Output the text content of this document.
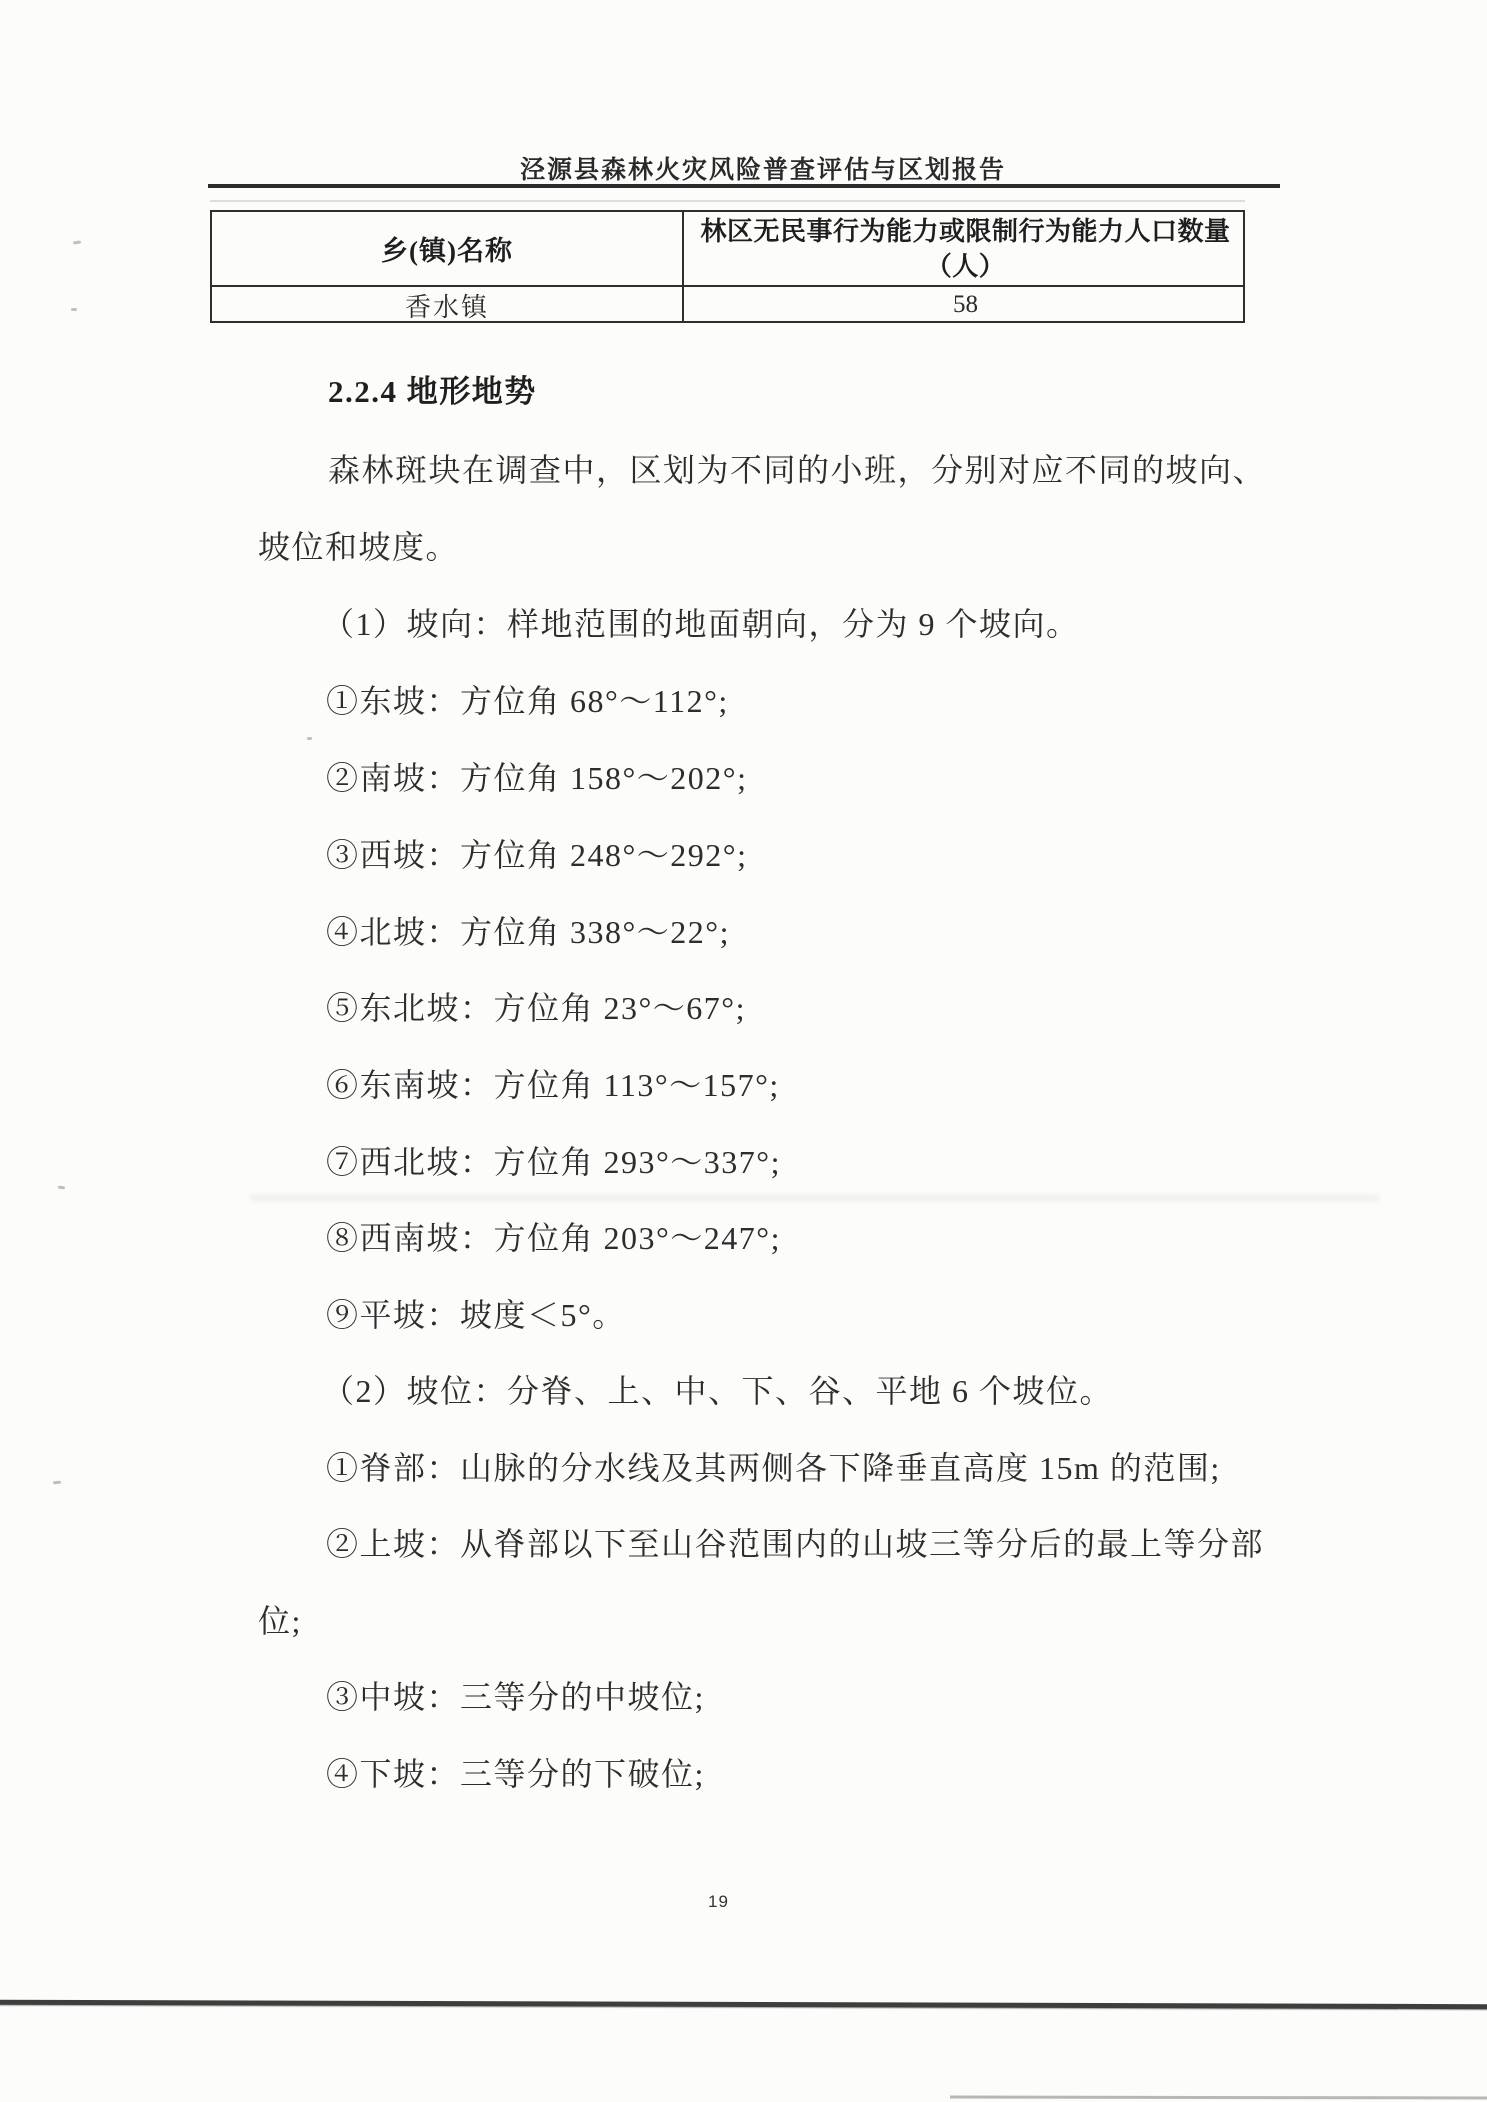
泾源县森林火灾风险普查评估与区划报告
乡(镇)名称
林区无民事行为能力或限制行为能力人口数量
（人）
香水镇	58
2.2.4 地形地势
森林斑块在调查中，区划为不同的小班，分别对应不同的坡向、
坡位和坡度。
（1）坡向：样地范围的地面朝向，分为 9 个坡向。
①东坡：方位角 68°～112°;
②南坡：方位角 158°～202°;
③西坡：方位角 248°～292°;
④北坡：方位角 338°～22°;
⑤东北坡：方位角 23°～67°;
⑥东南坡：方位角 113°～157°;
⑦西北坡：方位角 293°～337°;
⑧西南坡：方位角 203°～247°;
⑨平坡：坡度＜5°。
（2）坡位：分脊、上、中、下、谷、平地 6 个坡位。
①脊部：山脉的分水线及其两侧各下降垂直高度 15m 的范围;
②上坡：从脊部以下至山谷范围内的山坡三等分后的最上等分部
位;
③中坡：三等分的中坡位;
④下坡：三等分的下破位;
19
